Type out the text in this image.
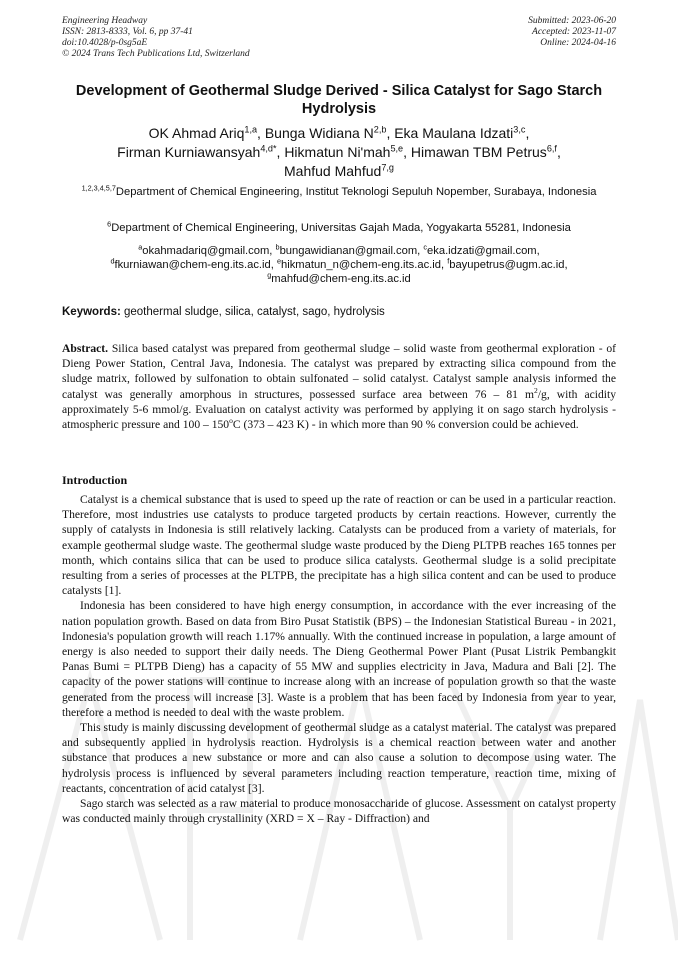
Engineering Headway
ISSN: 2813-8333, Vol. 6, pp 37-41
doi:10.4028/p-0sg5aE
© 2024 Trans Tech Publications Ltd, Switzerland
Submitted: 2023-06-20
Accepted: 2023-11-07
Online: 2024-04-16
Development of Geothermal Sludge Derived - Silica Catalyst for Sago Starch Hydrolysis
OK Ahmad Ariq$^{1,a}$, Bunga Widiana N$^{2,b}$, Eka Maulana Idzati$^{3,c}$,
Firman Kurniawansyah$^{4,d*}$, Hikmatun Ni'mah$^{5,e}$, Himawan TBM Petrus$^{6,f}$,
Mahfud Mahfud$^{7,g}$
$^{1,2,3,4,5,7}$Department of Chemical Engineering, Institut Teknologi Sepuluh Nopember, Surabaya, Indonesia
$^6$Department of Chemical Engineering, Universitas Gajah Mada, Yogyakarta 55281, Indonesia
$^a$okahmadariq@gmail.com, $^b$bungawidianan@gmail.com, $^c$eka.idzati@gmail.com,
$^d$fkurniawan@chem-eng.its.ac.id, $^e$hikmatun_n@chem-eng.its.ac.id, $^f$bayupetrus@ugm.ac.id,
$^g$mahfud@chem-eng.its.ac.id
Keywords: geothermal sludge, silica, catalyst, sago, hydrolysis
Abstract. Silica based catalyst was prepared from geothermal sludge – solid waste from geothermal exploration - of Dieng Power Station, Central Java, Indonesia. The catalyst was prepared by extracting silica compound from the sludge matrix, followed by sulfonation to obtain sulfonated – solid catalyst. Catalyst sample analysis informed the catalyst was generally amorphous in structures, possessed surface area between 76 – 81 $m^2/g$, with acidity approximately 5-6 mmol/g. Evaluation on catalyst activity was performed by applying it on sago starch hydrolysis - atmospheric pressure and 100 – 150$^o$C (373 – 423 K) - in which more than 90 % conversion could be achieved.
Introduction

Catalyst is a chemical substance that is used to speed up the rate of reaction or can be used in a particular reaction. Therefore, most industries use catalysts to produce targeted products by certain reactions. However, currently the supply of catalysts in Indonesia is still relatively lacking. Catalysts can be produced from a variety of materials, for example geothermal sludge waste. The geothermal sludge waste produced by the Dieng PLTPB reaches 165 tonnes per month, which contains silica that can be used to produce silica catalysts. Geothermal sludge is a solid precipitate resulting from a series of processes at the PLTPB, the precipitate has a high silica content and can be used to produce catalysts [1].

Indonesia has been considered to have high energy consumption, in accordance with the ever increasing of the nation population growth. Based on data from Biro Pusat Statistik (BPS) – the Indonesian Statistical Bureau - in 2021, Indonesia's population growth will reach 1.17% annually. With the continued increase in population, a large amount of energy is also needed to support their daily needs. The Dieng Geothermal Power Plant (Pusat Listrik Pembangkit Panas Bumi = PLTPB Dieng) has a capacity of 55 MW and supplies electricity in Java, Madura and Bali [2]. The capacity of the power stations will continue to increase along with an increase of population growth so that the waste generated from the process will increase [3]. Waste is a problem that has been faced by Indonesia from year to year, therefore a method is needed to deal with the waste problem.

This study is mainly discussing development of geothermal sludge as a catalyst material. The catalyst was prepared and subsequently applied in hydrolysis reaction. Hydrolysis is a chemical reaction between water and another substance that produces a new substance or more and can also cause a solution to decompose using water. The hydrolysis process is influenced by several parameters including reaction temperature, reaction time, mixing of reactants, concentration of acid catalyst [3].

Sago starch was selected as a raw material to produce monosaccharide of glucose. Assessment on catalyst property was conducted mainly through crystallinity (XRD = X – Ray - Diffraction) and
